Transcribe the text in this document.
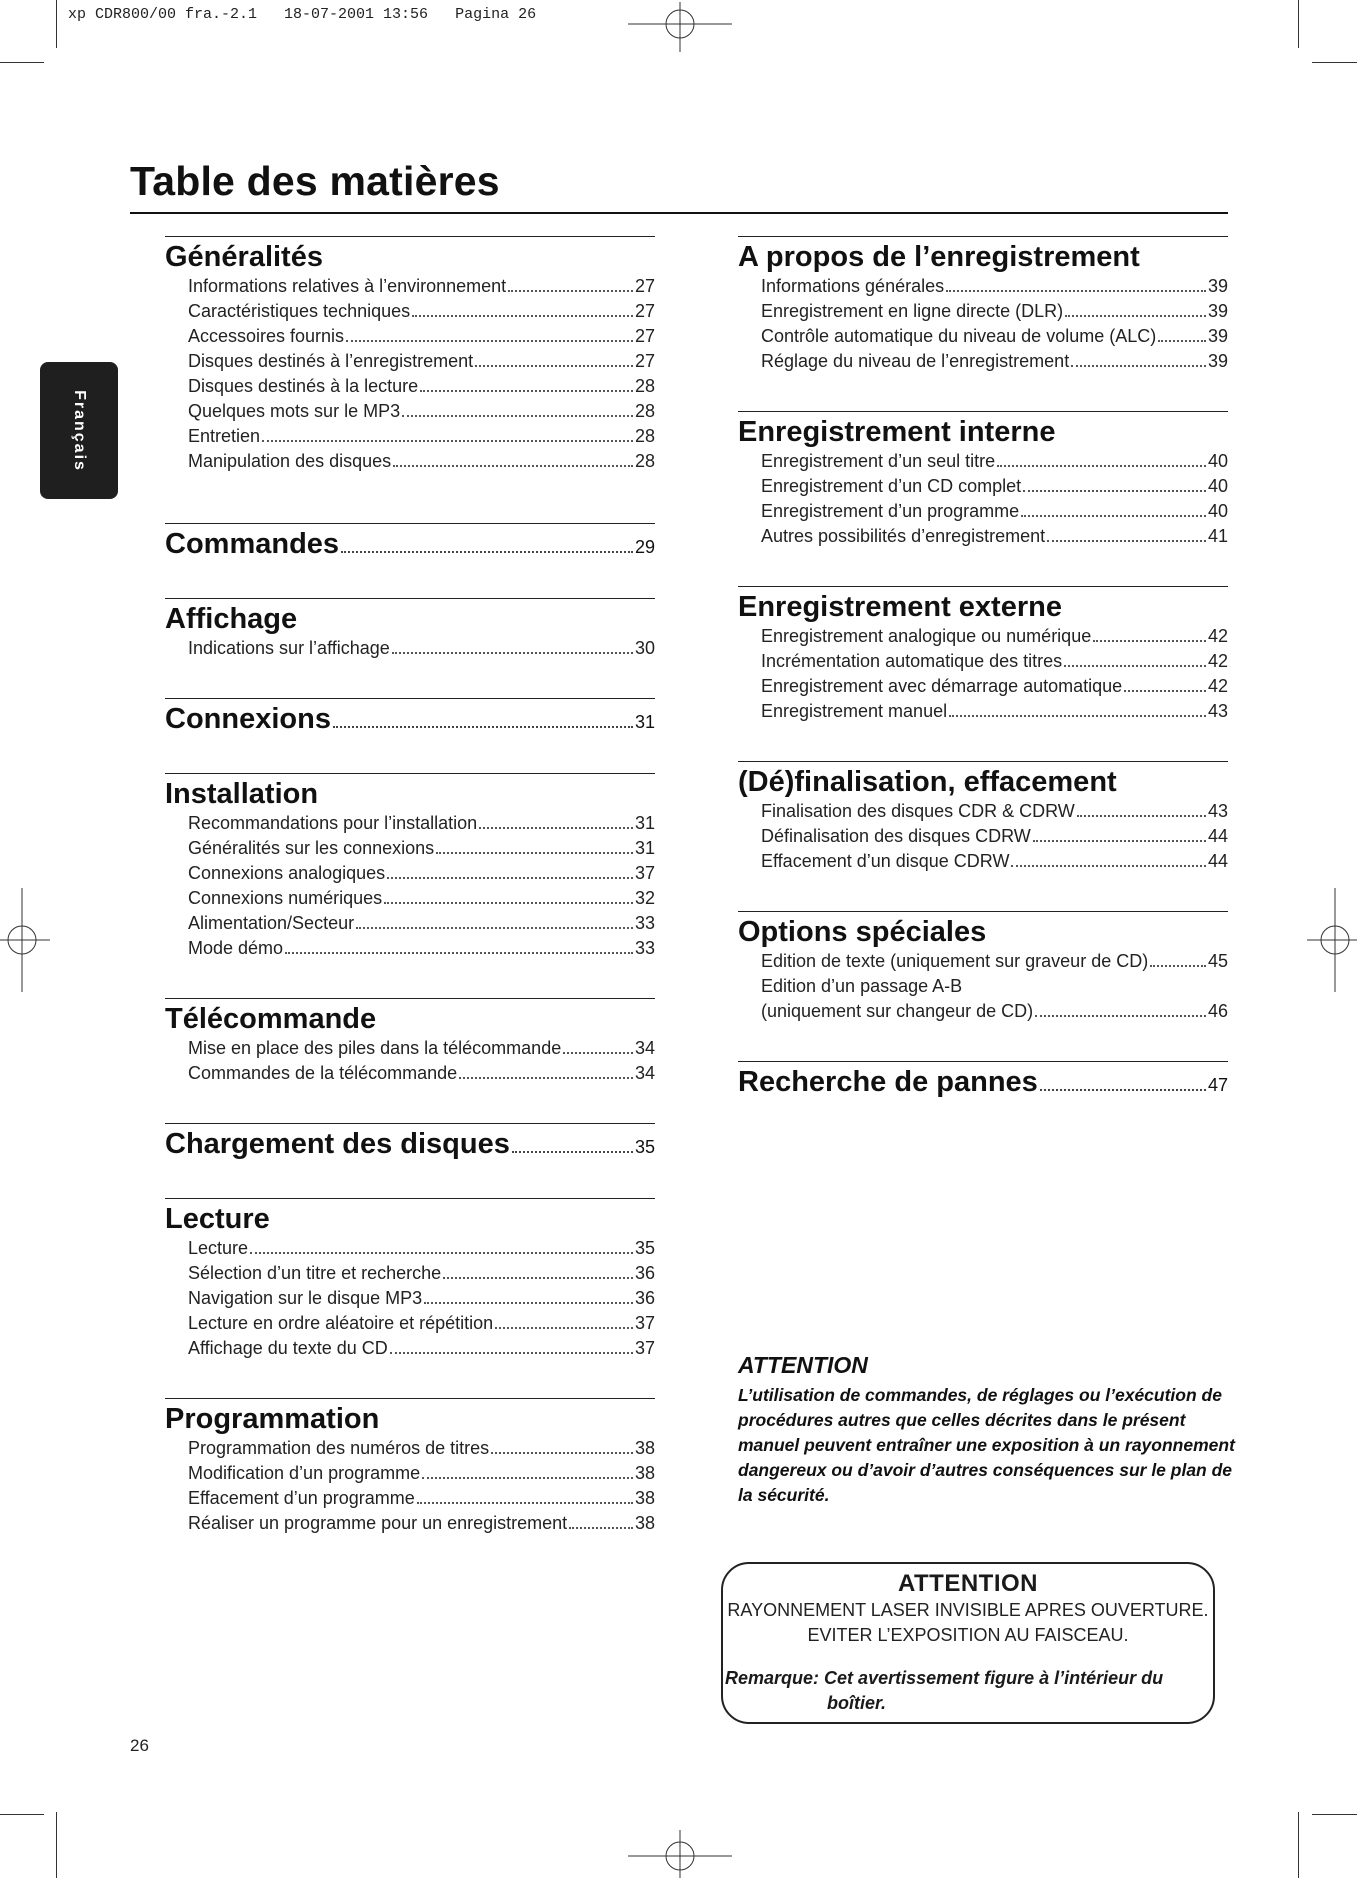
xp CDR800/00 fra.-2.1   18-07-2001 13:56   Pagina 26
Français
Table des matières
Généralités
Informations relatives à l’environnement	27
Caractéristiques techniques	27
Accessoires fournis	27
Disques destinés à l’enregistrement	27
Disques destinés à la lecture	28
Quelques mots sur le MP3	28
Entretien	28
Manipulation des disques	28
Commandes	29
Affichage
Indications sur l’affichage	30
Connexions	31
Installation
Recommandations pour l’installation	31
Généralités sur les connexions	31
Connexions analogiques	37
Connexions numériques	32
Alimentation/Secteur	33
Mode démo	33
Télécommande
Mise en place des piles dans la télécommande	34
Commandes de la télécommande	34
Chargement des disques	35
Lecture
Lecture	35
Sélection d’un titre et recherche	36
Navigation sur le disque MP3	36
Lecture en ordre aléatoire et répétition	37
Affichage du texte du CD	37
Programmation
Programmation des numéros de titres	38
Modification d’un programme	38
Effacement d’un programme	38
Réaliser un programme pour un enregistrement	38
A propos de l’enregistrement
Informations générales	39
Enregistrement en ligne directe (DLR)	39
Contrôle automatique du niveau de volume (ALC)	39
Réglage du niveau de l’enregistrement	39
Enregistrement interne
Enregistrement d’un seul titre	40
Enregistrement d’un CD complet	40
Enregistrement d’un programme	40
Autres possibilités d’enregistrement	41
Enregistrement externe
Enregistrement analogique ou numérique	42
Incrémentation automatique des titres	42
Enregistrement avec démarrage automatique	42
Enregistrement manuel	43
(Dé)finalisation, effacement
Finalisation des disques CDR & CDRW	43
Définalisation des disques CDRW	44
Effacement d’un disque CDRW	44
Options spéciales
Edition de texte (uniquement sur graveur de CD)	45
Edition d’un passage A-B
(uniquement sur changeur de CD)	46
Recherche de pannes	47
ATTENTION
L’utilisation de commandes, de réglages ou l’exécution de procédures autres que celles décrites dans le présent manuel peuvent entraîner une exposition à un rayonnement dangereux ou d’avoir d’autres conséquences sur le plan de la sécurité.
ATTENTION
RAYONNEMENT LASER INVISIBLE APRES OUVERTURE.
EVITER L’EXPOSITION AU FAISCEAU.
Remarque: Cet avertissement figure à l’intérieur du
boîtier.
26
